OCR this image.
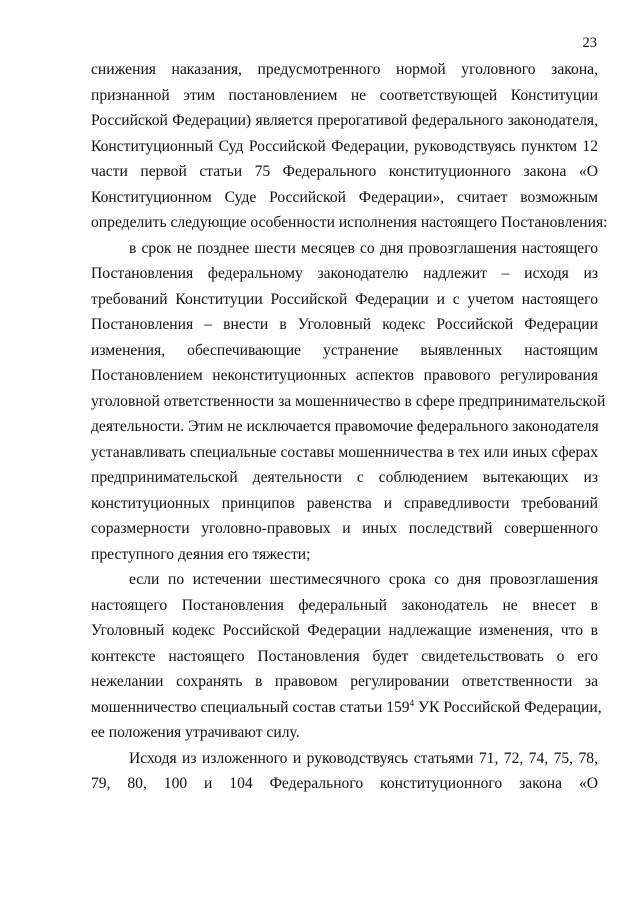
23
снижения наказания, предусмотренного нормой уголовного закона,
признанной этим постановлением не соответствующей Конституции
Российской Федерации) является прерогативой федерального законодателя,
Конституционный Суд Российской Федерации, руководствуясь пунктом 12
части первой статьи 75 Федерального конституционного закона «О
Конституционном Суде Российской Федерации», считает возможным
определить следующие особенности исполнения настоящего Постановления:
в срок не позднее шести месяцев со дня провозглашения настоящего
Постановления федеральному законодателю надлежит – исходя из
требований Конституции Российской Федерации и с учетом настоящего
Постановления – внести в Уголовный кодекс Российской Федерации
изменения, обеспечивающие устранение выявленных настоящим
Постановлением неконституционных аспектов правового регулирования
уголовной ответственности за мошенничество в сфере предпринимательской
деятельности. Этим не исключается правомочие федерального законодателя
устанавливать специальные составы мошенничества в тех или иных сферах
предпринимательской деятельности с соблюдением вытекающих из
конституционных принципов равенства и справедливости требований
соразмерности уголовно-правовых и иных последствий совершенного
преступного деяния его тяжести;
если по истечении шестимесячного срока со дня провозглашения
настоящего Постановления федеральный законодатель не внесет в
Уголовный кодекс Российской Федерации надлежащие изменения, что в
контексте настоящего Постановления будет свидетельствовать о его
нежелании сохранять в правовом регулировании ответственности за
мошенничество специальный состав статьи $159^4$ УК Российской Федерации,
ее положения утрачивают силу.
Исходя из изложенного и руководствуясь статьями 71, 72, 74, 75, 78,
79, 80, 100 и 104 Федерального конституционного закона «О
